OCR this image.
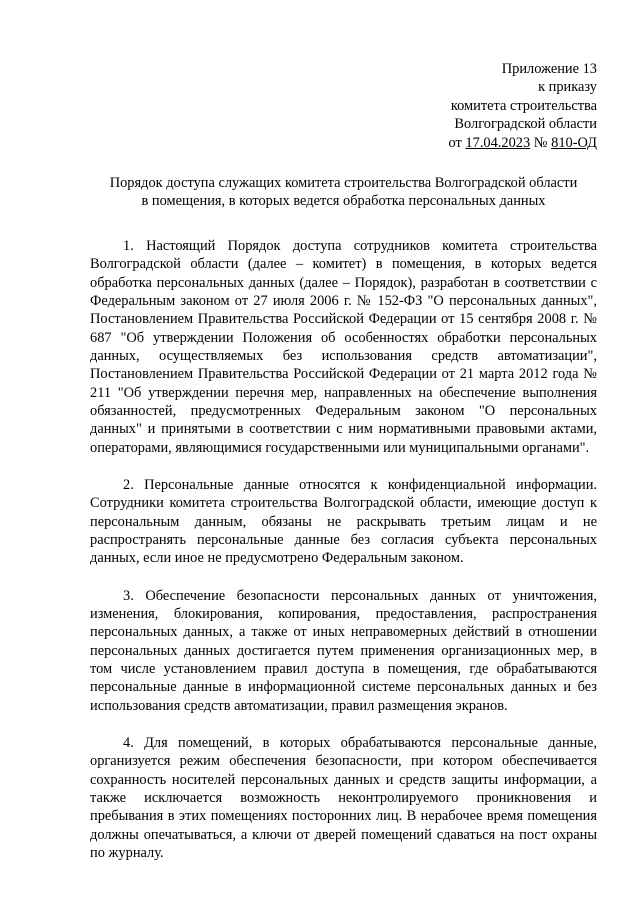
Приложение 13
к приказу
комитета строительства
Волгоградской области
от 17.04.2023 № 810-ОД
Порядок доступа служащих комитета строительства Волгоградской области
в помещения, в которых ведется обработка персональных данных

1. Настоящий Порядок доступа сотрудников комитета строительства Волгоградской области (далее – комитет) в помещения, в которых ведется обработка персональных данных (далее – Порядок), разработан в соответствии с Федеральным законом от 27 июля 2006 г. № 152-ФЗ "О персональных данных", Постановлением Правительства Российской Федерации от 15 сентября 2008 г. № 687 "Об утверждении Положения об особенностях обработки персональных данных, осуществляемых без использования средств автоматизации", Постановлением Правительства Российской Федерации от 21 марта 2012 года № 211 "Об утверждении перечня мер, направленных на обеспечение выполнения обязанностей, предусмотренных Федеральным законом "О персональных данных" и принятыми в соответствии с ним нормативными правовыми актами, операторами, являющимися государственными или муниципальными органами".

2. Персональные данные относятся к конфиденциальной информации. Сотрудники комитета строительства Волгоградской области, имеющие доступ к персональным данным, обязаны не раскрывать третьим лицам и не распространять персональные данные без согласия субъекта персональных данных, если иное не предусмотрено Федеральным законом.

3. Обеспечение безопасности персональных данных от уничтожения, изменения, блокирования, копирования, предоставления, распространения персональных данных, а также от иных неправомерных действий в отношении персональных данных достигается путем применения организационных мер, в том числе установлением правил доступа в помещения, где обрабатываются персональные данные в информационной системе персональных данных и без использования средств автоматизации, правил размещения экранов.

4. Для помещений, в которых обрабатываются персональные данные, организуется режим обеспечения безопасности, при котором обеспечивается сохранность носителей персональных данных и средств защиты информации, а также исключается возможность неконтролируемого проникновения и пребывания в этих помещениях посторонних лиц. В нерабочее время помещения должны опечатываться, а ключи от дверей помещений сдаваться на пост охраны по журналу.
